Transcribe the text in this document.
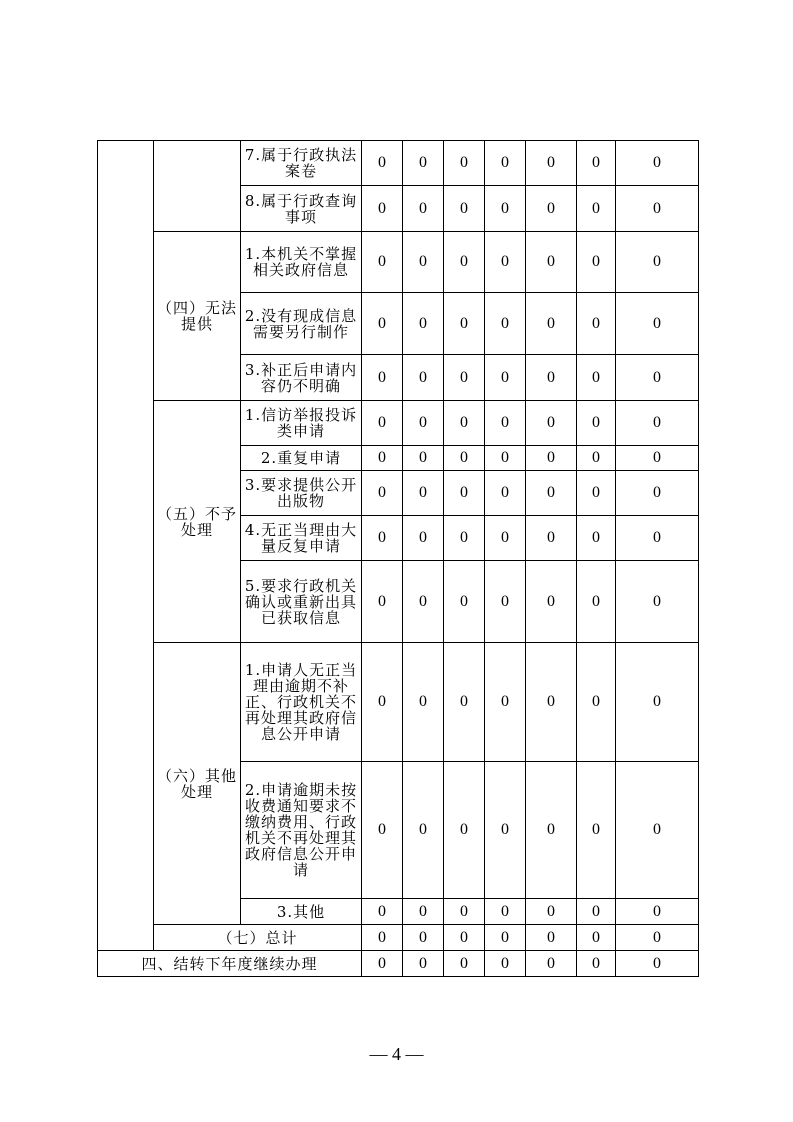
		7.属于行政执法案卷	0	0	0	0	0	0	0
		8.属于行政查询事项	0	0	0	0	0	0	0
	（四）无法提供	1.本机关不掌握相关政府信息	0	0	0	0	0	0	0
		2.没有现成信息需要另行制作	0	0	0	0	0	0	0
		3.补正后申请内容仍不明确	0	0	0	0	0	0	0
	（五）不予处理	1.信访举报投诉类申请	0	0	0	0	0	0	0
		2.重复申请	0	0	0	0	0	0	0
		3.要求提供公开出版物	0	0	0	0	0	0	0
		4.无正当理由大量反复申请	0	0	0	0	0	0	0
		5.要求行政机关确认或重新出具已获取信息	0	0	0	0	0	0	0
	（六）其他处理	1.申请人无正当理由逾期不补正、行政机关不再处理其政府信息公开申请	0	0	0	0	0	0	0
		2.申请逾期未按收费通知要求不缴纳费用、行政机关不再处理其政府信息公开申请	0	0	0	0	0	0	0
		3.其他	0	0	0	0	0	0	0
	（七）总计		0	0	0	0	0	0	0
四、结转下年度继续办理			0	0	0	0	0	0	0
— 4 —
